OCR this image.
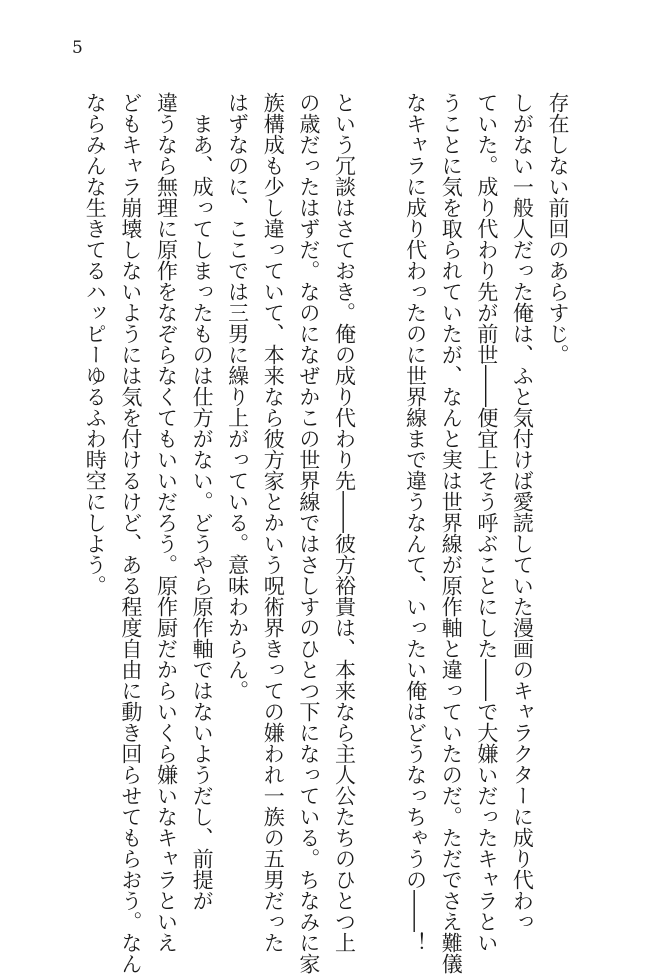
5
存在しない前回のあらすじ。
しがない一般人だった俺は、ふと気付けば愛読していた漫画のキャラクターに成り代わっ
ていた。成り代わり先が前世――便宜上そう呼ぶことにした――で大嫌いだったキャラとい
うことに気を取られていたが、なんと実は世界線が原作軸と違っていたのだ。ただでさえ難儀
なキャラに成り代わったのに世界線まで違うなんて、いったい俺はどうなっちゃうの――！
という冗談はさておき。俺の成り代わり先――彼方裕貴は、本来なら主人公たちのひとつ上
の歳だったはずだ。なのになぜかこの世界線ではさしすのひとつ下になっている。ちなみに家
族構成も少し違っていて、本来なら彼方家とかいう呪術界きっての嫌われ一族の五男だった
はずなのに、ここでは三男に繰り上がっている。意味わからん。
　まあ、成ってしまったものは仕方がない。どうやら原作軸ではないようだし、前提が
違うなら無理に原作をなぞらなくてもいいだろう。原作厨だからいくら嫌いなキャラといえ
どもキャラ崩壊しないようには気を付けるけど、ある程度自由に動き回らせてもらおう。なん
ならみんな生きてるハッピーゆるふわ時空にしよう。
